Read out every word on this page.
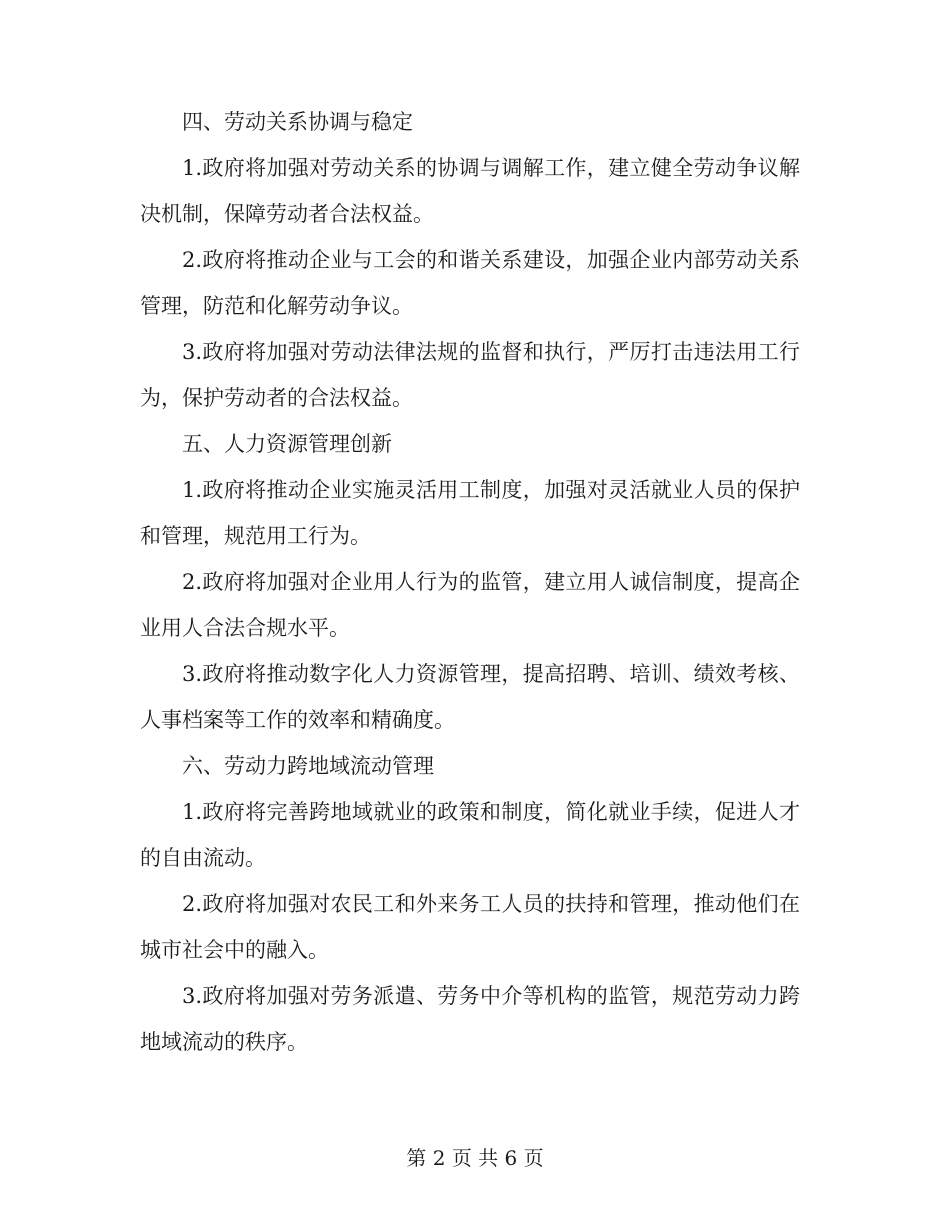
四、劳动关系协调与稳定

1.政府将加强对劳动关系的协调与调解工作，建立健全劳动争议解决机制，保障劳动者合法权益。

2.政府将推动企业与工会的和谐关系建设，加强企业内部劳动关系管理，防范和化解劳动争议。

3.政府将加强对劳动法律法规的监督和执行，严厉打击违法用工行为，保护劳动者的合法权益。

五、人力资源管理创新

1.政府将推动企业实施灵活用工制度，加强对灵活就业人员的保护和管理，规范用工行为。

2.政府将加强对企业用人行为的监管，建立用人诚信制度，提高企业用人合法合规水平。

3.政府将推动数字化人力资源管理，提高招聘、培训、绩效考核、人事档案等工作的效率和精确度。

六、劳动力跨地域流动管理

1.政府将完善跨地域就业的政策和制度，简化就业手续，促进人才的自由流动。

2.政府将加强对农民工和外来务工人员的扶持和管理，推动他们在城市社会中的融入。

3.政府将加强对劳务派遣、劳务中介等机构的监管，规范劳动力跨地域流动的秩序。

第 2 页 共 6 页
